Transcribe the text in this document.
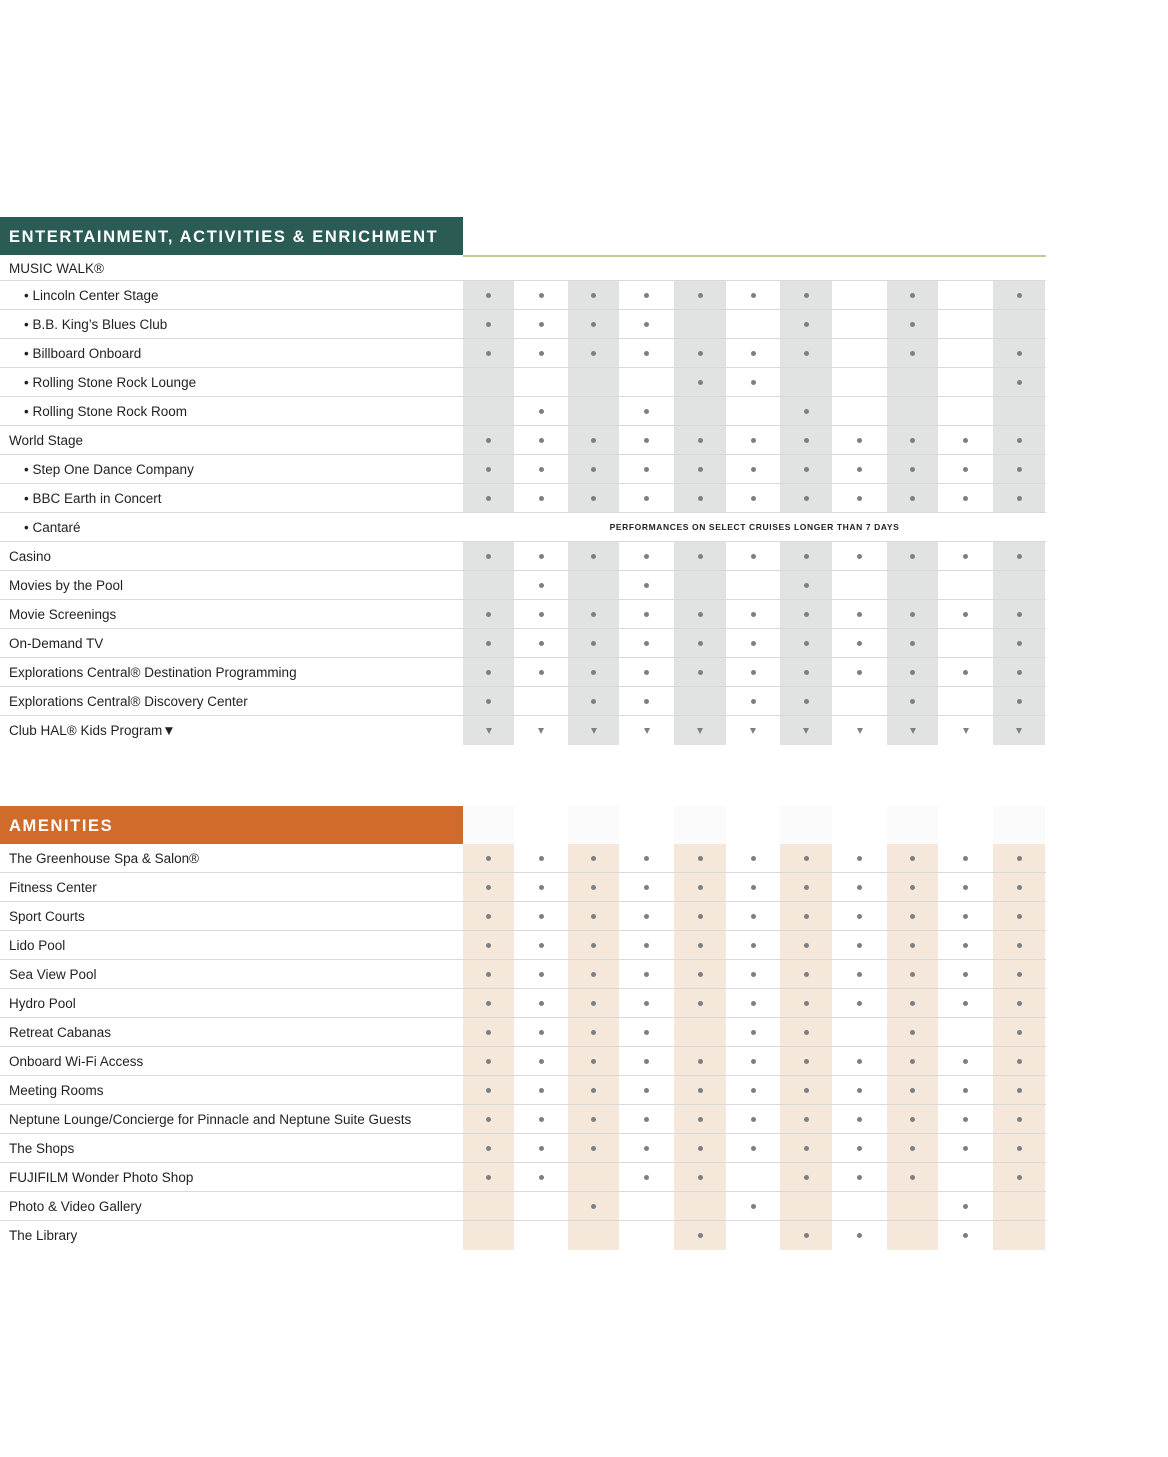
ENTERTAINMENT, ACTIVITIES & ENRICHMENT
MUSIC WALK®
• Lincoln Center Stage
• B.B. King’s Blues Club
• Billboard Onboard
• Rolling Stone Rock Lounge
• Rolling Stone Rock Room
World Stage
• Step One Dance Company
• BBC Earth in Concert
• Cantaré	PERFORMANCES ON SELECT CRUISES LONGER THAN 7 DAYS
Casino
Movies by the Pool
Movie Screenings
On-Demand TV
Explorations Central® Destination Programming
Explorations Central® Discovery Center
Club HAL® Kids Program▼
AMENITIES
The Greenhouse Spa & Salon®
Fitness Center
Sport Courts
Lido Pool
Sea View Pool
Hydro Pool
Retreat Cabanas
Onboard Wi-Fi Access
Meeting Rooms
Neptune Lounge/Concierge for Pinnacle and Neptune Suite Guests
The Shops
FUJIFILM Wonder Photo Shop
Photo & Video Gallery
The Library
